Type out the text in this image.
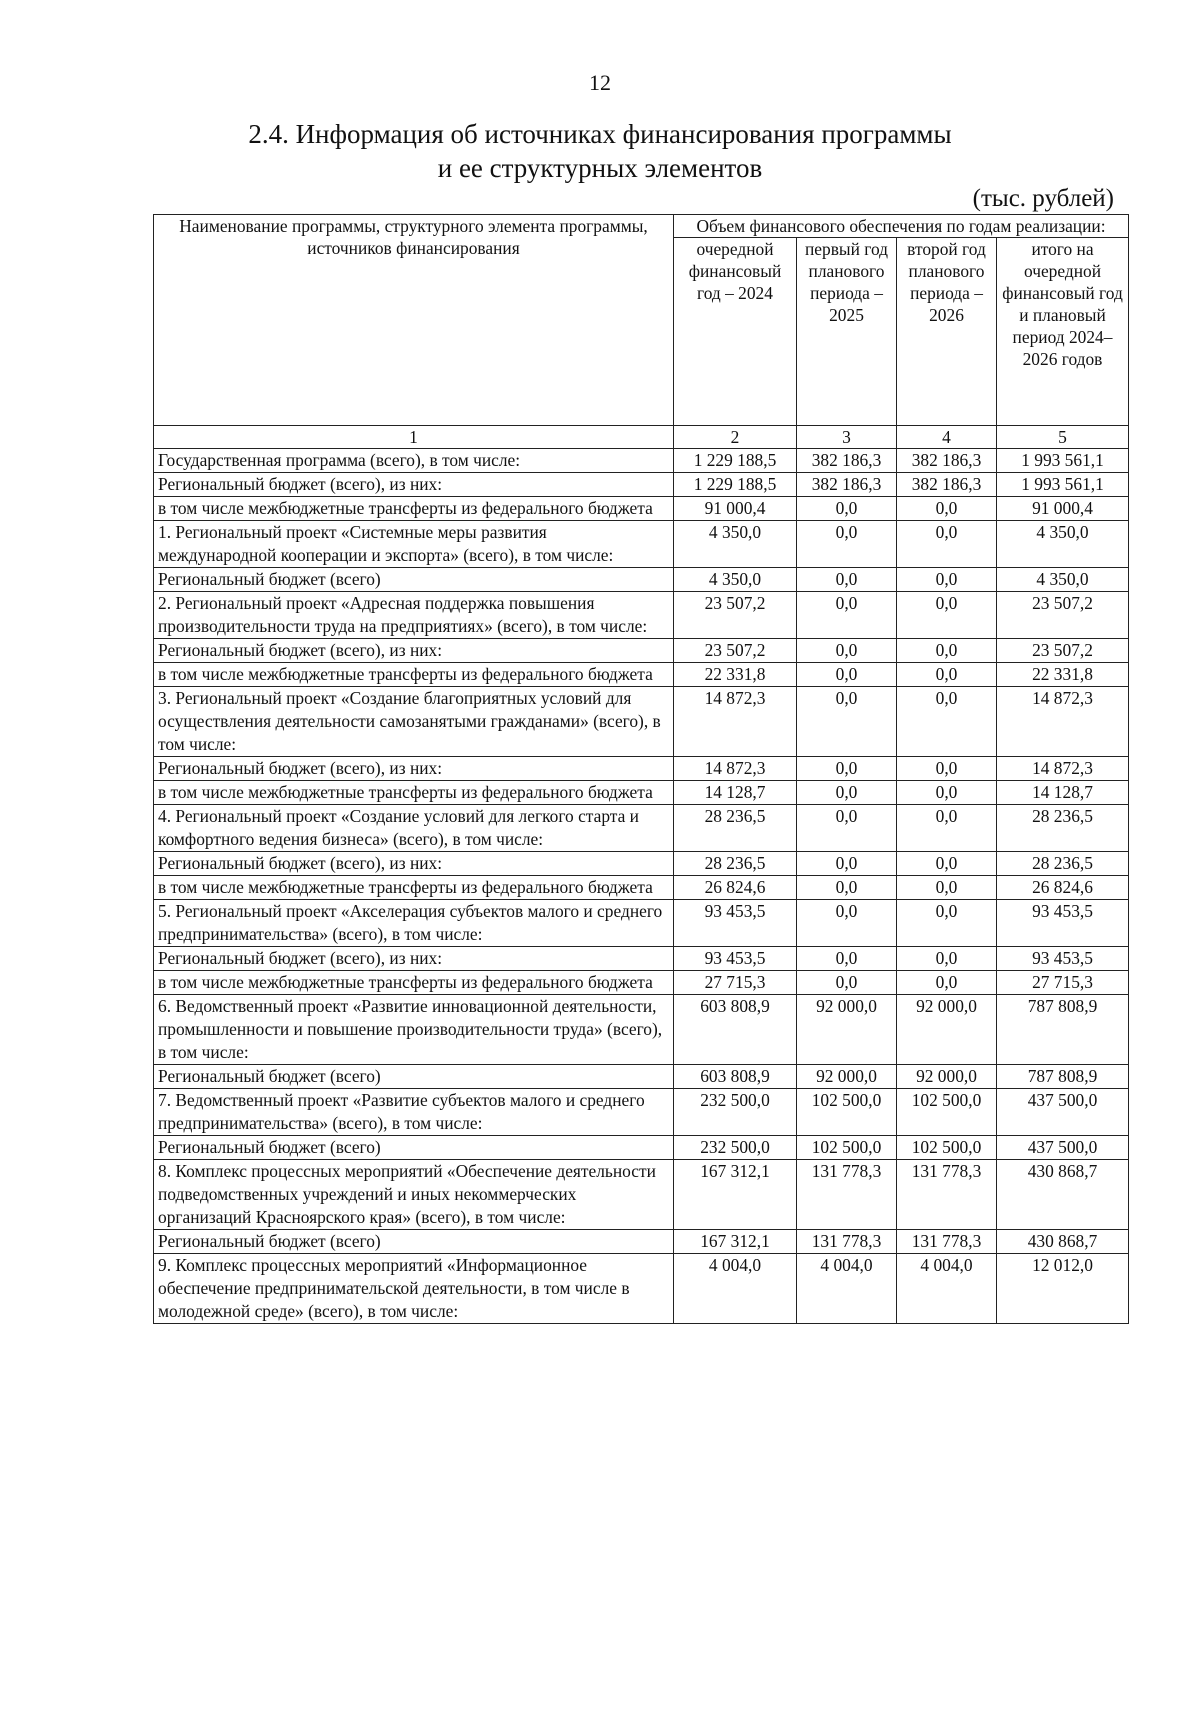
12
2.4. Информация об источниках финансирования программы
и ее структурных элементов
(тыс. рублей)
Наименование программы, структурного элемента программы, источников финансирования	Объем финансового обеспечения по годам реализации:			
	очередной финансовый год – 2024	первый год планового периода – 2025	второй год планового периода – 2026	итого на очередной финансовый год и плановый период 2024–2026 годов
1	2	3	4	5
Государственная программа (всего), в том числе:	1 229 188,5	382 186,3	382 186,3	1 993 561,1
Региональный бюджет (всего), из них:	1 229 188,5	382 186,3	382 186,3	1 993 561,1
в том числе межбюджетные трансферты из федерального бюджета	91 000,4	0,0	0,0	91 000,4
1. Региональный проект «Системные меры развития международной кооперации и экспорта» (всего), в том числе:	4 350,0	0,0	0,0	4 350,0
Региональный бюджет (всего)	4 350,0	0,0	0,0	4 350,0
2. Региональный проект «Адресная поддержка повышения производительности труда на предприятиях» (всего), в том числе:	23 507,2	0,0	0,0	23 507,2
Региональный бюджет (всего), из них:	23 507,2	0,0	0,0	23 507,2
в том числе межбюджетные трансферты из федерального бюджета	22 331,8	0,0	0,0	22 331,8
3. Региональный проект «Создание благоприятных условий для осуществления деятельности самозанятыми гражданами» (всего), в том числе:	14 872,3	0,0	0,0	14 872,3
Региональный бюджет (всего), из них:	14 872,3	0,0	0,0	14 872,3
в том числе межбюджетные трансферты из федерального бюджета	14 128,7	0,0	0,0	14 128,7
4. Региональный проект «Создание условий для легкого старта и комфортного ведения бизнеса» (всего), в том числе:	28 236,5	0,0	0,0	28 236,5
Региональный бюджет (всего), из них:	28 236,5	0,0	0,0	28 236,5
в том числе межбюджетные трансферты из федерального бюджета	26 824,6	0,0	0,0	26 824,6
5. Региональный проект «Акселерация субъектов малого и среднего предпринимательства» (всего), в том числе:	93 453,5	0,0	0,0	93 453,5
Региональный бюджет (всего), из них:	93 453,5	0,0	0,0	93 453,5
в том числе межбюджетные трансферты из федерального бюджета	27 715,3	0,0	0,0	27 715,3
6. Ведомственный проект «Развитие инновационной деятельности, промышленности и повышение производительности труда» (всего), в том числе:	603 808,9	92 000,0	92 000,0	787 808,9
Региональный бюджет (всего)	603 808,9	92 000,0	92 000,0	787 808,9
7. Ведомственный проект «Развитие субъектов малого и среднего предпринимательства» (всего), в том числе:	232 500,0	102 500,0	102 500,0	437 500,0
Региональный бюджет (всего)	232 500,0	102 500,0	102 500,0	437 500,0
8. Комплекс процессных мероприятий «Обеспечение деятельности подведомственных учреждений и иных некоммерческих организаций Красноярского края» (всего), в том числе:	167 312,1	131 778,3	131 778,3	430 868,7
Региональный бюджет (всего)	167 312,1	131 778,3	131 778,3	430 868,7
9. Комплекс процессных мероприятий «Информационное обеспечение предпринимательской деятельности, в том числе в молодежной среде» (всего), в том числе:	4 004,0	4 004,0	4 004,0	12 012,0
